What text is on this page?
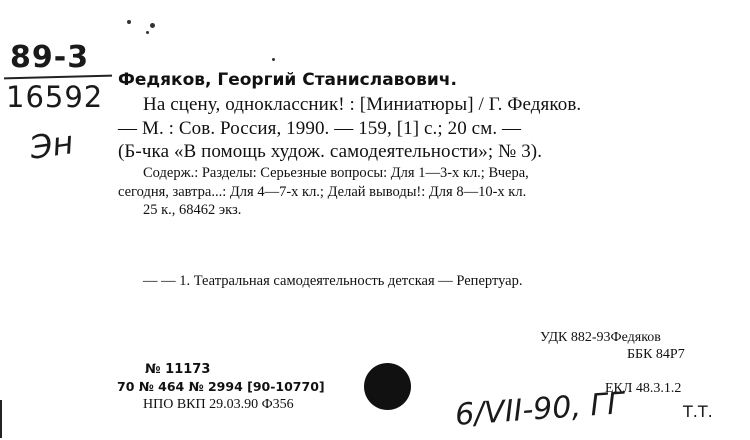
89-3
16592
Эн
Федяков, Георгий Станиславович.
На сцену, одноклассник! : [Миниатюры] / Г. Федяков.
— М. : Сов. Россия, 1990. — 159, [1] с.; 20 см. —
(Б-чка «В помощь худож. самодеятельности»; № 3).
Содерж.: Разделы: Серьезные вопросы: Для 1—3-х кл.; Вчера,
сегодня, завтра...: Для 4—7-х кл.; Делай выводы!: Для 8—10-х кл.
25 к., 68462 экз.
— — 1. Театральная самодеятельность детская — Репертуар.
УДК 882-93Федяков
ББК 84Р7
ЕКЛ 48.3.1.2
№ 11173
70 № 464 № 2994 [90-10770]
НПО ВКП 29.03.90 Ф356	6/VII-90, ГГ	Т.Т.
